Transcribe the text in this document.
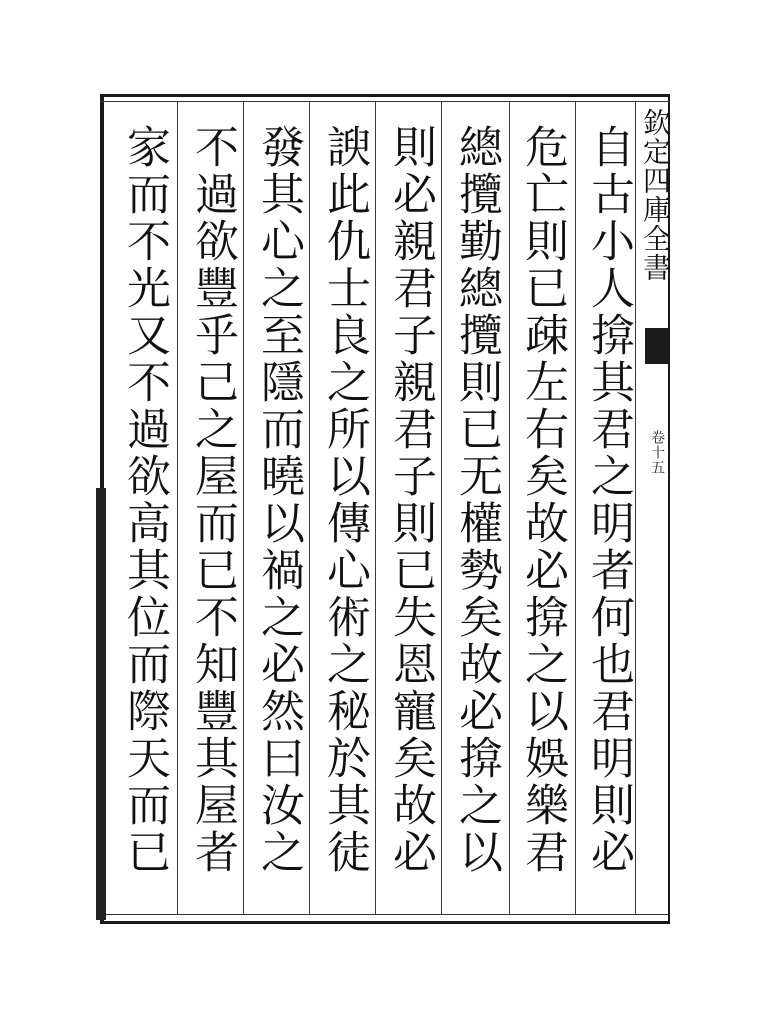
欽定四庫全書
卷十五
自古小人揜其君之明者何也君明則必
危亡則已疎左右矣故必揜之以娛樂君
總攬勤總攬則已无權勢矣故必揜之以
則必親君子親君子則已失恩寵矣故必
諛此仇士良之所以傳心術之秘於其徒
發其心之至隱而曉以禍之必然曰汝之
不過欲豐乎己之屋而已不知豐其屋者
家而不光又不過欲高其位而際天而已
